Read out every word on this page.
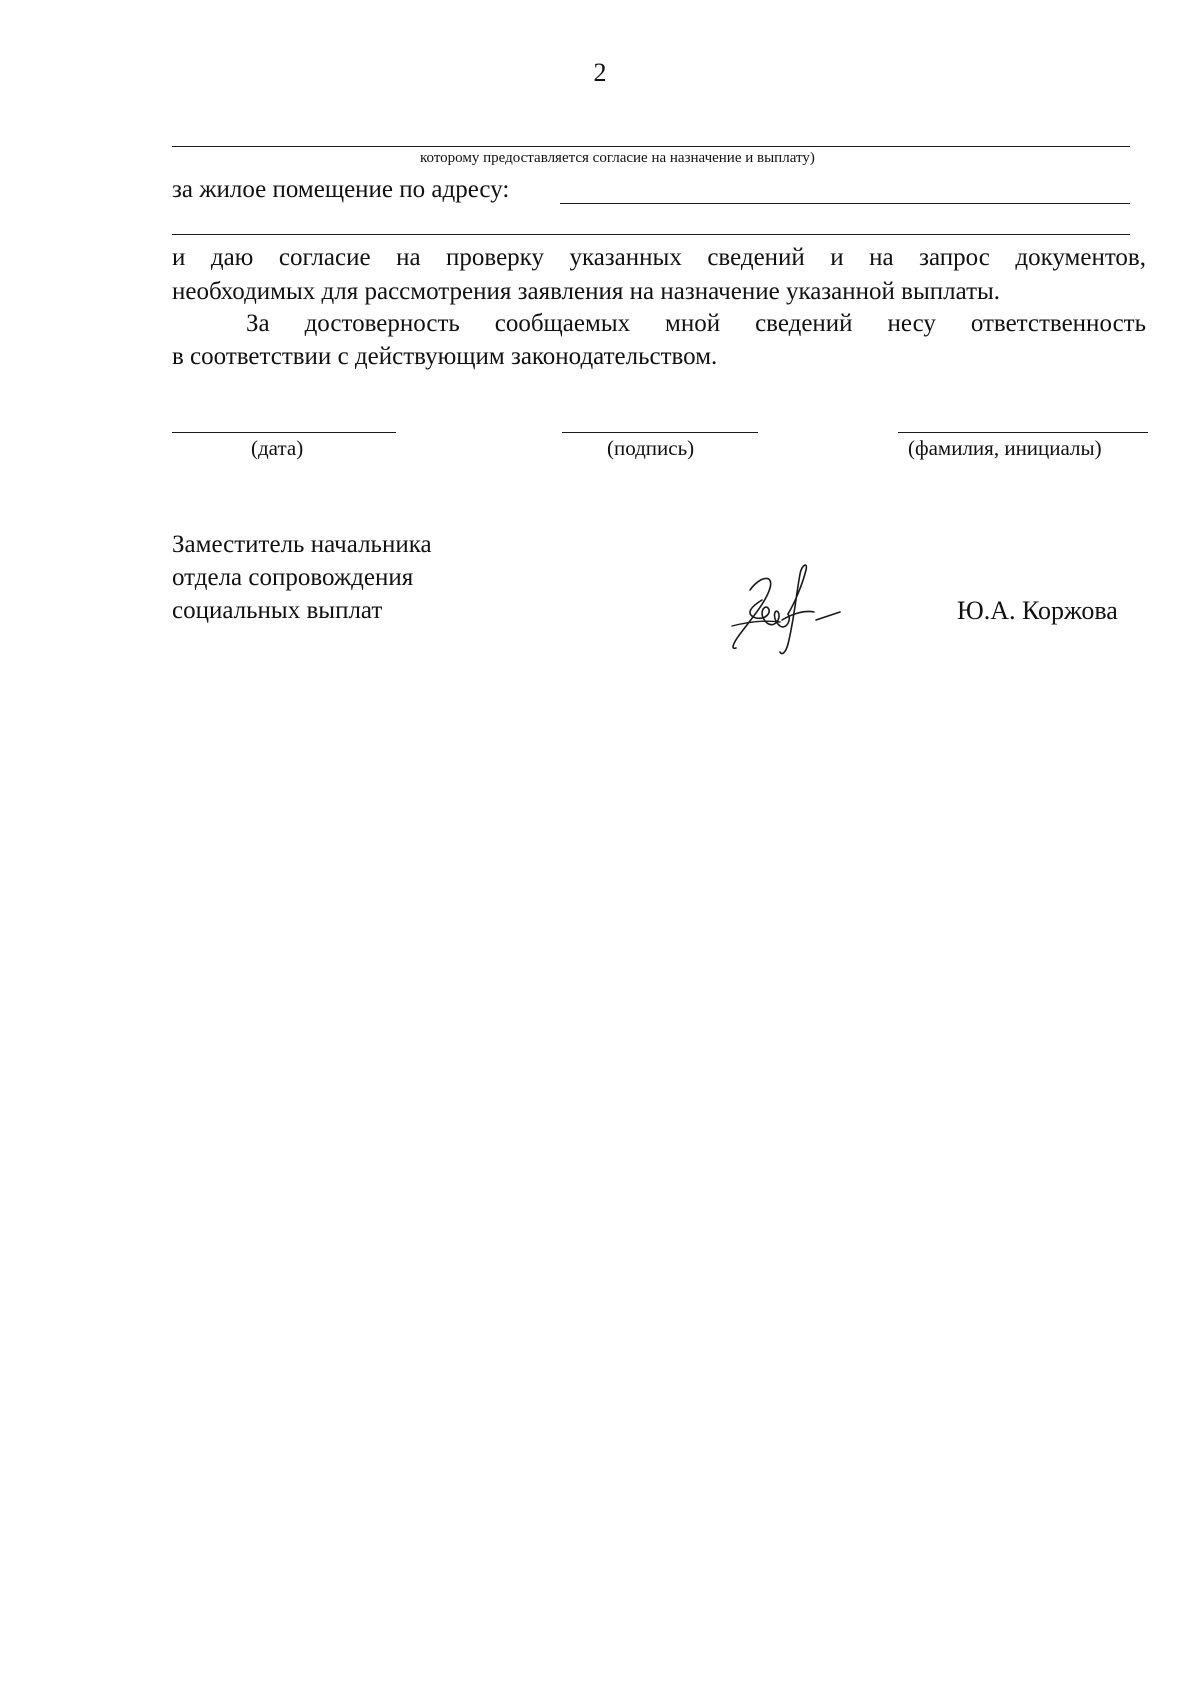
2
которому предоставляется согласие на назначение и выплату)
за жилое помещение по адресу:
и даю согласие на проверку указанных сведений и на запрос документов,
необходимых для рассмотрения заявления на назначение указанной выплаты.
За достоверность сообщаемых мной сведений несу ответственность
в соответствии с действующим законодательством.
(дата)	(подпись)	(фамилия, инициалы)
Заместитель начальника
отдела сопровождения
социальных выплат	Ю.А. Коржова
